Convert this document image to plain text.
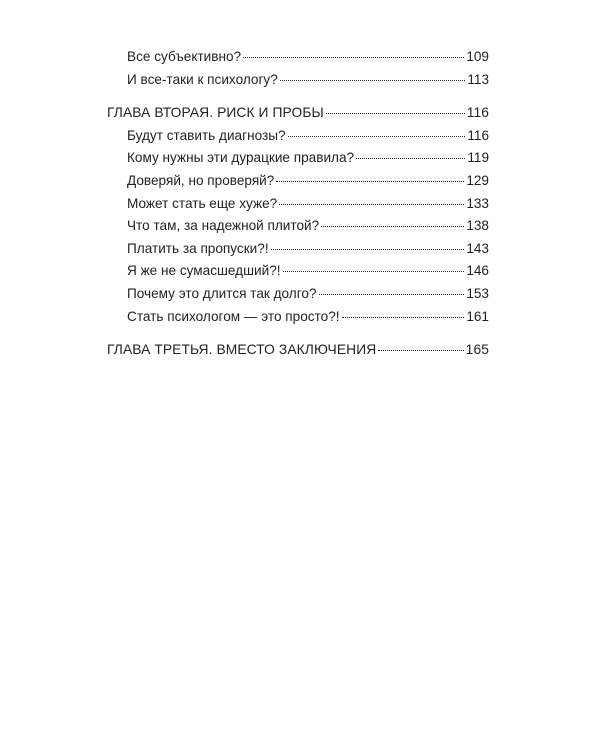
Все субъективно?	109
И все-таки к психологу?	113
ГЛАВА ВТОРАЯ. РИСК И ПРОБЫ	116
Будут ставить диагнозы?	116
Кому нужны эти дурацкие правила?	119
Доверяй, но проверяй?	129
Может стать еще хуже?	133
Что там, за надежной плитой?	138
Платить за пропуски?!	143
Я же не сумасшедший?!	146
Почему это длится так долго?	153
Стать психологом — это просто?!	161
ГЛАВА ТРЕТЬЯ. ВМЕСТО ЗАКЛЮЧЕНИЯ	165
